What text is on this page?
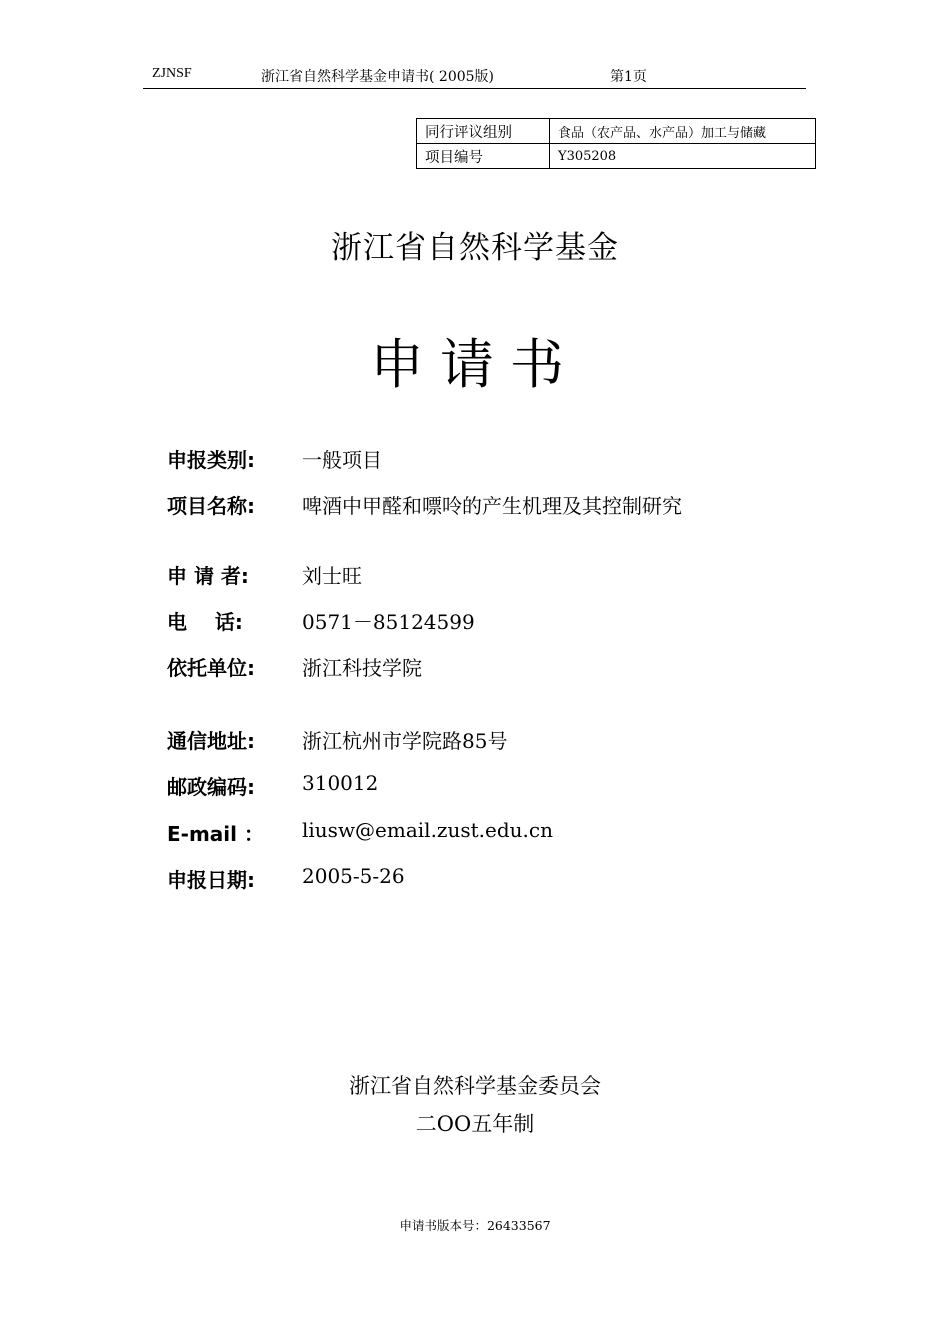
ZJNSF	浙江省自然科学基金申请书( 2005版)	第1页
同行评议组别	食品（农产品、水产品）加工与储藏
项目编号	Y305208
浙江省自然科学基金
申请书
申报类别: 一般项目
项目名称: 啤酒中甲醛和嘌呤的产生机理及其控制研究
申 请 者:	刘士旺
电    话:	0571－85124599
依托单位: 浙江科技学院
通信地址: 浙江杭州市学院路85号
邮政编码: 310012
E-mail ： liusw@email.zust.edu.cn
申报日期: 2005-5-26
浙江省自然科学基金委员会
二OO五年制
申请书版本号：26433567
